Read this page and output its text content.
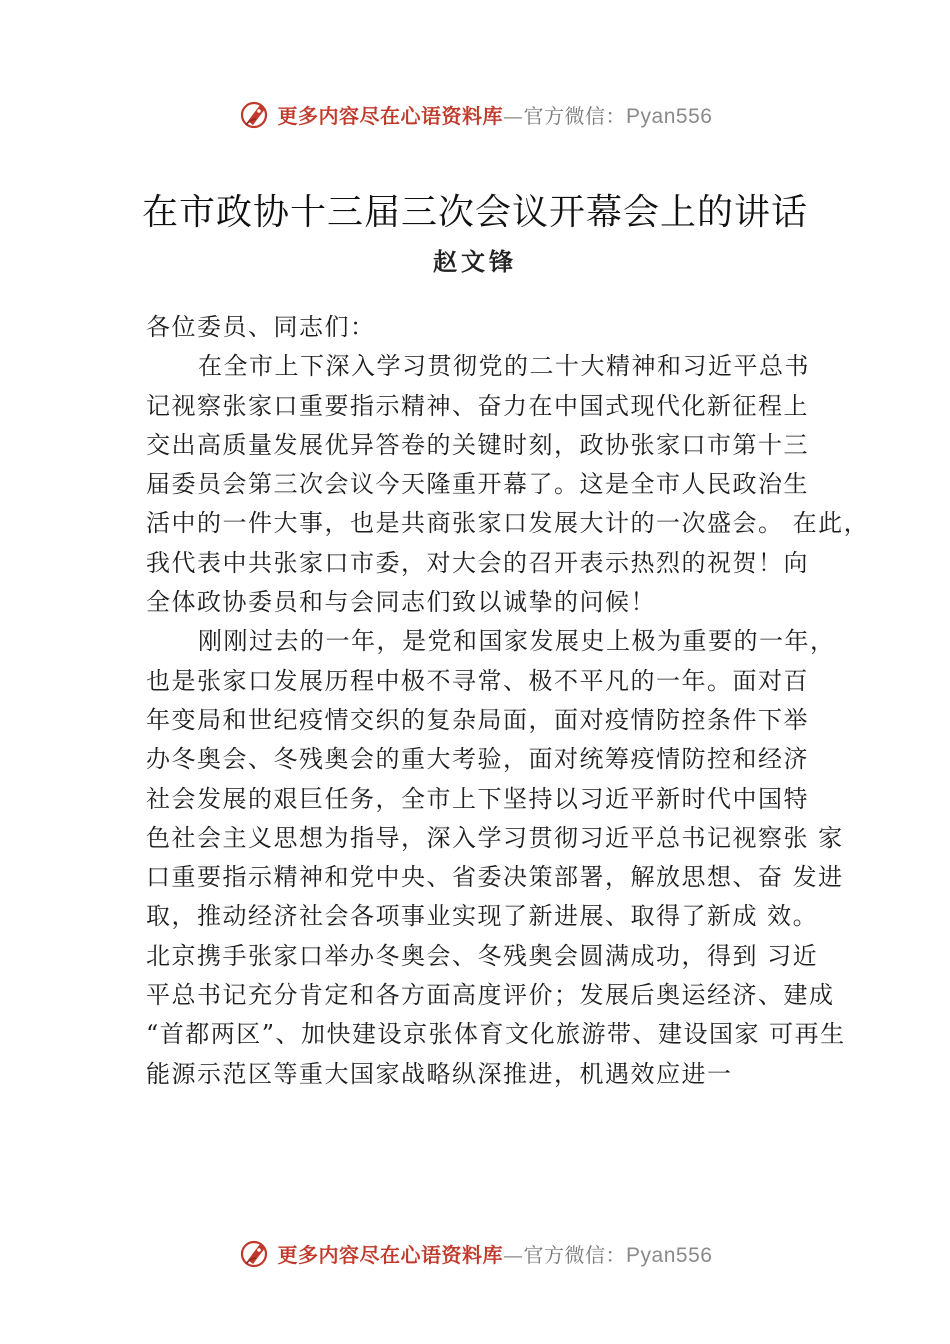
更多内容尽在心语资料库—官方微信：Pyan556
在市政协十三届三次会议开幕会上的讲话
赵文锋
各位委员、同志们：
在全市上下深入学习贯彻党的二十大精神和习近平总书
记视察张家口重要指示精神、奋力在中国式现代化新征程上
交出高质量发展优异答卷的关键时刻，政协张家口市第十三
届委员会第三次会议今天隆重开幕了。这是全市人民政治生
活中的一件大事，也是共商张家口发展大计的一次盛会。 在此，
我代表中共张家口市委，对大会的召开表示热烈的祝贺！向
全体政协委员和与会同志们致以诚挚的问候！
刚刚过去的一年，是党和国家发展史上极为重要的一年，
也是张家口发展历程中极不寻常、极不平凡的一年。面对百
年变局和世纪疫情交织的复杂局面，面对疫情防控条件下举
办冬奥会、冬残奥会的重大考验，面对统筹疫情防控和经济
社会发展的艰巨任务，全市上下坚持以习近平新时代中国特
色社会主义思想为指导，深入学习贯彻习近平总书记视察张 家
口重要指示精神和党中央、省委决策部署，解放思想、奋 发进
取，推动经济社会各项事业实现了新进展、取得了新成 效。
北京携手张家口举办冬奥会、冬残奥会圆满成功，得到 习近
平总书记充分肯定和各方面高度评价；发展后奥运经济、建成
“首都两区”、加快建设京张体育文化旅游带、建设国家 可再生
能源示范区等重大国家战略纵深推进，机遇效应进一
更多内容尽在心语资料库—官方微信：Pyan556
